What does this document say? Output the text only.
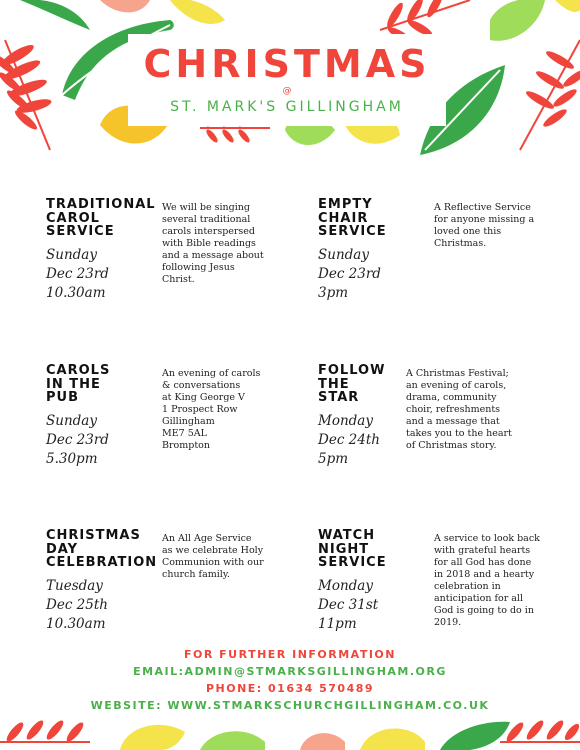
CHRISTMAS
@
ST. MARK'S GILLINGHAM
TRADITIONAL
CAROL
SERVICE
Sunday
Dec 23rd
10.30am
We will be singing
several traditional
carols interspersed
with Bible readings
and a message about
following Jesus
Christ.
EMPTY
CHAIR
SERVICE
Sunday
Dec 23rd
3pm
A Reflective Service
for anyone missing a
loved one this
Christmas.
CAROLS
IN THE
PUB
Sunday
Dec 23rd
5.30pm
An evening of carols
& conversations
at King George V
1 Prospect Row
Gillingham
ME7 5AL
Brompton
FOLLOW
THE
STAR
Monday
Dec 24th
5pm
A Christmas Festival;
an evening of carols,
drama, community
choir, refreshments
and a message that
takes you to the heart
of Christmas story.
CHRISTMAS
DAY
CELEBRATION
Tuesday
Dec 25th
10.30am
An All Age Service
as we celebrate Holy
Communion with our
church family.
WATCH
NIGHT
SERVICE
Monday
Dec 31st
11pm
A service to look back
with grateful hearts
for all God has done
in 2018 and a hearty
celebration in
anticipation for all
God is going to do in
2019.
FOR FURTHER INFORMATION
EMAIL:ADMIN@STMARKSGILLINGHAM.ORG
PHONE: 01634 570489
WEBSITE: WWW.STMARKSCHURCHGILLINGHAM.CO.UK
